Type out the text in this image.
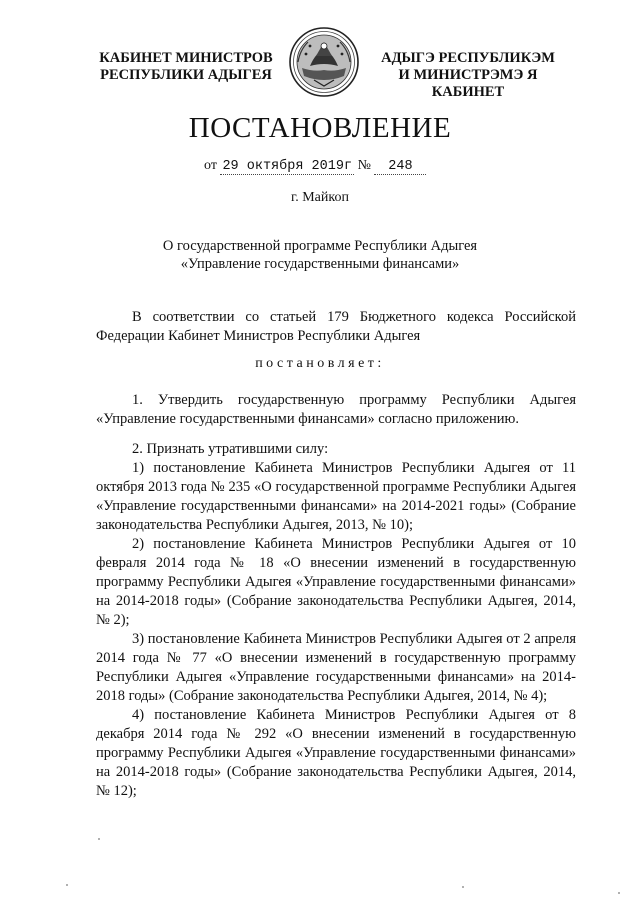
КАБИНЕТ МИНИСТРОВ
РЕСПУБЛИКИ АДЫГЕЯ
АДЫГЭ РЕСПУБЛИКЭМ
И МИНИСТРЭМЭ Я КАБИНЕТ
ПОСТАНОВЛЕНИЕ
от 29 октября 2019г № 248
г. Майкоп
О государственной программе Республики Адыгея
«Управление государственными финансами»
В соответствии со статьей 179 Бюджетного кодекса Российской Федерации Кабинет Министров Республики Адыгея
постановляет:
1. Утвердить государственную программу Республики Адыгея «Управление государственными финансами» согласно приложению.

2. Признать утратившими силу:

1) постановление Кабинета Министров Республики Адыгея от 11 октября 2013 года № 235 «О государственной программе Республики Адыгея «Управление государственными финансами» на 2014-2021 годы» (Собрание законодательства Республики Адыгея, 2013, № 10);

2) постановление Кабинета Министров Республики Адыгея от 10 февраля 2014 года № 18 «О внесении изменений в государственную программу Республики Адыгея «Управление государственными финансами» на 2014-2018 годы» (Собрание законодательства Республики Адыгея, 2014, № 2);

3) постановление Кабинета Министров Республики Адыгея от 2 апреля 2014 года № 77 «О внесении изменений в государственную программу Республики Адыгея «Управление государственными финансами» на 2014-2018 годы» (Собрание законодательства Республики Адыгея, 2014, № 4);

4) постановление Кабинета Министров Республики Адыгея от 8 декабря 2014 года № 292 «О внесении изменений в государственную программу Республики Адыгея «Управление государственными финансами» на 2014-2018 годы» (Собрание законодательства Республики Адыгея, 2014, № 12);
